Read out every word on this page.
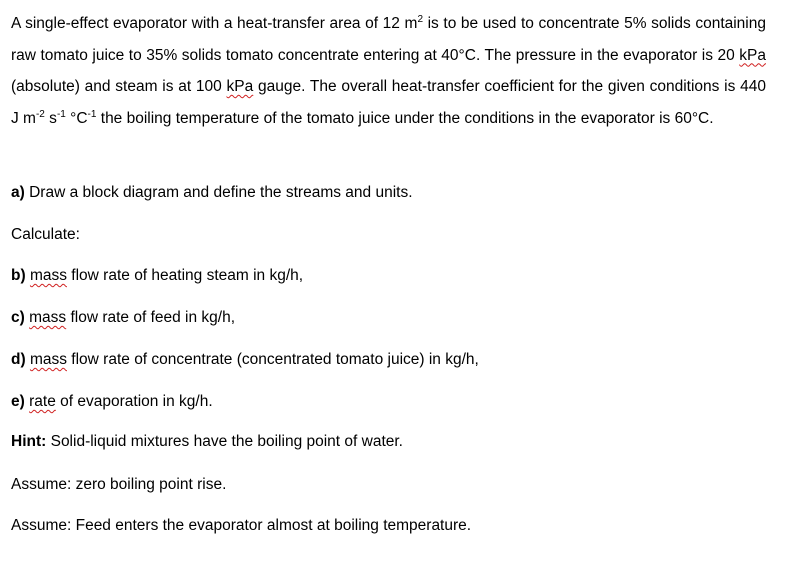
A single-effect evaporator with a heat-transfer area of 12 $m^2$ is to be used to concentrate 5% solids containing raw tomato juice to 35% solids tomato concentrate entering at 40°C. The pressure in the evaporator is 20 kPa (absolute) and steam is at 100 kPa gauge. The overall heat-transfer coefficient for the given conditions is 440 J $m^{-2}$ $s^{-1}$ $^\circ C^{-1}$ the boiling temperature of the tomato juice under the conditions in the evaporator is 60°C.

a) Draw a block diagram and define the streams and units.

Calculate:

b) mass flow rate of heating steam in kg/h,

c) mass flow rate of feed in kg/h,

d) mass flow rate of concentrate (concentrated tomato juice) in kg/h,

e) rate of evaporation in kg/h.

Hint: Solid-liquid mixtures have the boiling point of water.

Assume: zero boiling point rise.

Assume: Feed enters the evaporator almost at boiling temperature.
